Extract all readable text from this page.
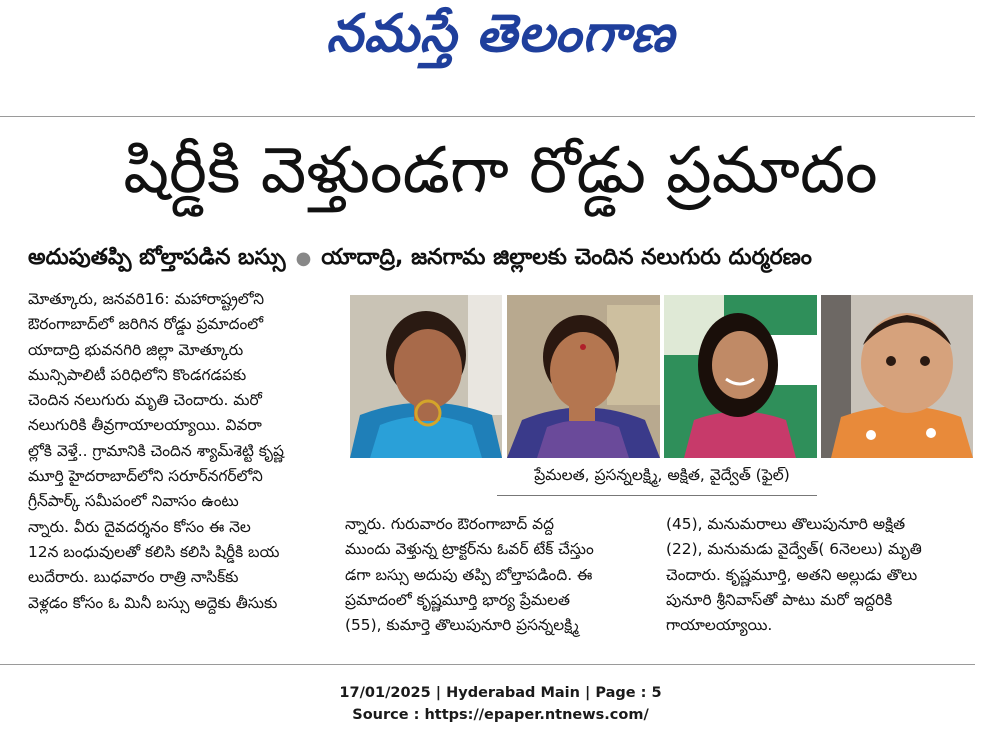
నమస్తే తెలంగాణ
షిర్డీకి వెళ్తుండగా రోడ్డు ప్రమాదం
అదుపుతప్పి బోల్తాపడిన బస్సు ● యాదాద్రి, జనగామ జిల్లాలకు చెందిన నలుగురు దుర్మరణం

మోత్కూరు, జనవరి16: మహారాష్ట్రలోని

ఔరంగాబాద్‌లో జరిగిన రోడ్డు ప్రమాదంలో

యాదాద్రి భువనగిరి జిల్లా మోత్కూరు

మున్సిపాలిటీ పరిధిలోని కొండగడపకు

చెందిన నలుగురు మృతి చెందారు. మరో

నలుగురికి తీవ్రగాయాలయ్యాయి. వివరా

ల్లోకి వెళ్తే.. గ్రామానికి చెందిన శ్యామ్‌శెట్టి కృష్ణ

మూర్తి హైదరాబాద్‌లోని సరూర్‌నగర్‌లోని

గ్రీన్‌పార్క్ సమీపంలో నివాసం ఉంటు

న్నారు. వీరు దైవదర్శనం కోసం ఈ నెల

12న బంధువులతో కలిసి కలిసి షిర్డీకి బయ

లుదేరారు. బుధవారం రాత్రి నాసిక్‌కు

వెళ్లడం కోసం ఓ మినీ బస్సు అద్దెకు తీసుకు

ప్రేమలత, ప్రసన్నలక్ష్మి, అక్షిత, వైద్వేత్ (ఫైల్)

న్నారు. గురువారం ఔరంగాబాద్ వద్ద

ముందు వెళ్తున్న ట్రాక్టర్‌ను ఓవర్ టేక్ చేస్తుం

డగా బస్సు అదుపు తప్పి బోల్తాపడింది. ఈ

ప్రమాదంలో కృష్ణమూర్తి భార్య ప్రేమలత

(55), కుమార్తె తొలుపునూరి ప్రసన్నలక్ష్మి

(45), మనుమరాలు తొలుపునూరి అక్షిత

(22), మనుమడు వైద్వేత్( 6నెలలు) మృతి

చెందారు. కృష్ణమూర్తి, అతని అల్లుడు తొలు

పునూరి శ్రీనివాస్‌తో పాటు మరో ఇద్దరికి

గాయాలయ్యాయి.

17/01/2025 | Hyderabad Main | Page : 5
Source : https://epaper.ntnews.com/
